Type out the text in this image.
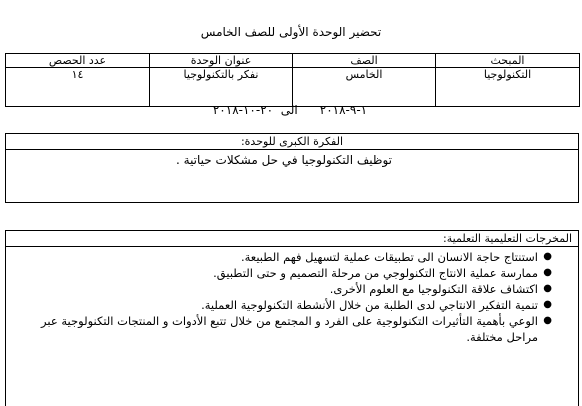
تحضير الوحدة الأولى للصف الخامس
المبحث	الصف	عنوان الوحدة	عدد الحصص
التكنولوجيا	الخامس	نفكر بالتكنولوجيا	١٤
١-٩-٢٠١٨الى  ٢٠-١٠-٢٠١٨
الفكرة الكبرى للوحدة:
توظيف التكنولوجيا في حل مشكلات حياتية .
المخرجات التعليمية التعلمية:
●
استنتاج حاجة الانسان الى تطبيقات عملية لتسهيل فهم الطبيعة.
●
ممارسة عملية الانتاج التكنولوجي من مرحلة التصميم و حتى التطبيق.
●
اكتشاف علاقة التكنولوجيا مع العلوم الأخرى.
●
تنمية التفكير الانتاجي لدى الطلبة من خلال الأنشطة التكنولوجية العملية.
●
الوعي بأهمية التأثيرات التكنولوجية على الفرد و المجتمع من خلال تتبع الأدوات و المنتجات التكنولوجية عبر مراحل مختلفة.
